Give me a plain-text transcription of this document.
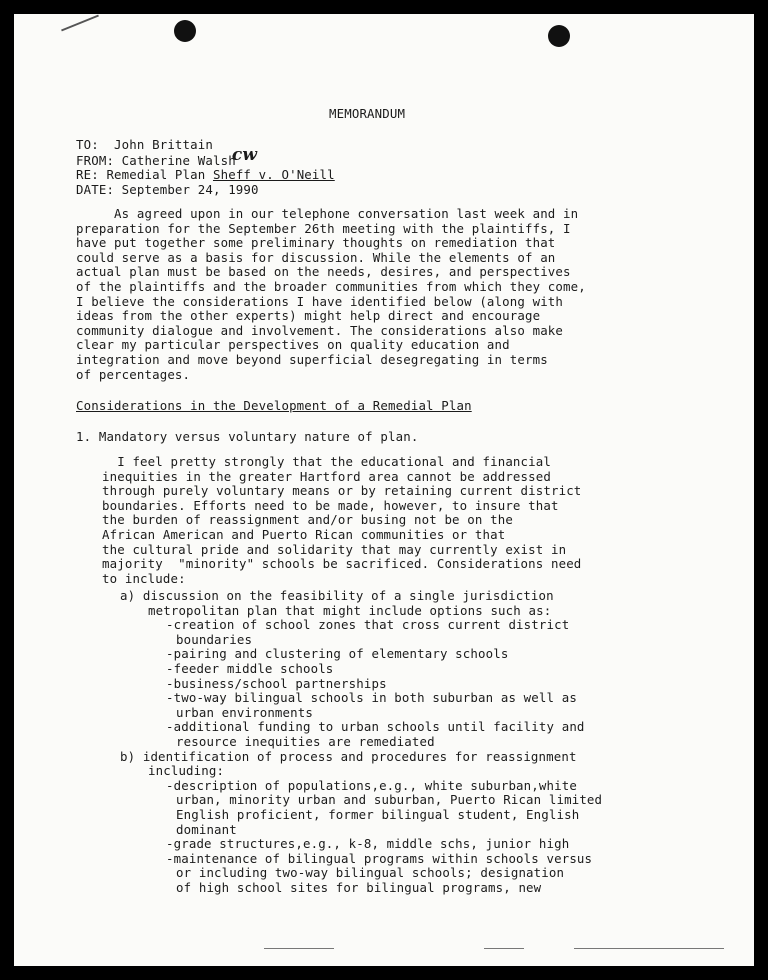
MEMORANDUM
TO:  John Brittain
FROM: Catherine Walshcw
RE: Remedial Plan Sheff v. O'Neill
DATE: September 24, 1990
As agreed upon in our telephone conversation last week and in
preparation for the September 26th meeting with the plaintiffs, I
have put together some preliminary thoughts on remediation that
could serve as a basis for discussion. While the elements of an
actual plan must be based on the needs, desires, and perspectives
of the plaintiffs and the broader communities from which they come,
I believe the considerations I have identified below (along with
ideas from the other experts) might help direct and encourage
community dialogue and involvement. The considerations also make
clear my particular perspectives on quality education and
integration and move beyond superficial desegregating in terms
of percentages.
Considerations in the Development of a Remedial Plan
1. Mandatory versus voluntary nature of plan.
I feel pretty strongly that the educational and financial
inequities in the greater Hartford area cannot be addressed
through purely voluntary means or by retaining current district
boundaries. Efforts need to be made, however, to insure that
the burden of reassignment and/or busing not be on the
African American and Puerto Rican communities or that
the cultural pride and solidarity that may currently exist in
majority  "minority" schools be sacrificed. Considerations need
to include:
a) discussion on the feasibility of a single jurisdiction
metropolitan plan that might include options such as:
-creation of school zones that cross current district
boundaries
-pairing and clustering of elementary schools
-feeder middle schools
-business/school partnerships
-two-way bilingual schools in both suburban as well as
urban environments
-additional funding to urban schools until facility and
resource inequities are remediated
b) identification of process and procedures for reassignment
including:
-description of populations,e.g., white suburban,white
urban, minority urban and suburban, Puerto Rican limited
English proficient, former bilingual student, English
dominant
-grade structures,e.g., k-8, middle schs, junior high
-maintenance of bilingual programs within schools versus
or including two-way bilingual schools; designation
of high school sites for bilingual programs, new
